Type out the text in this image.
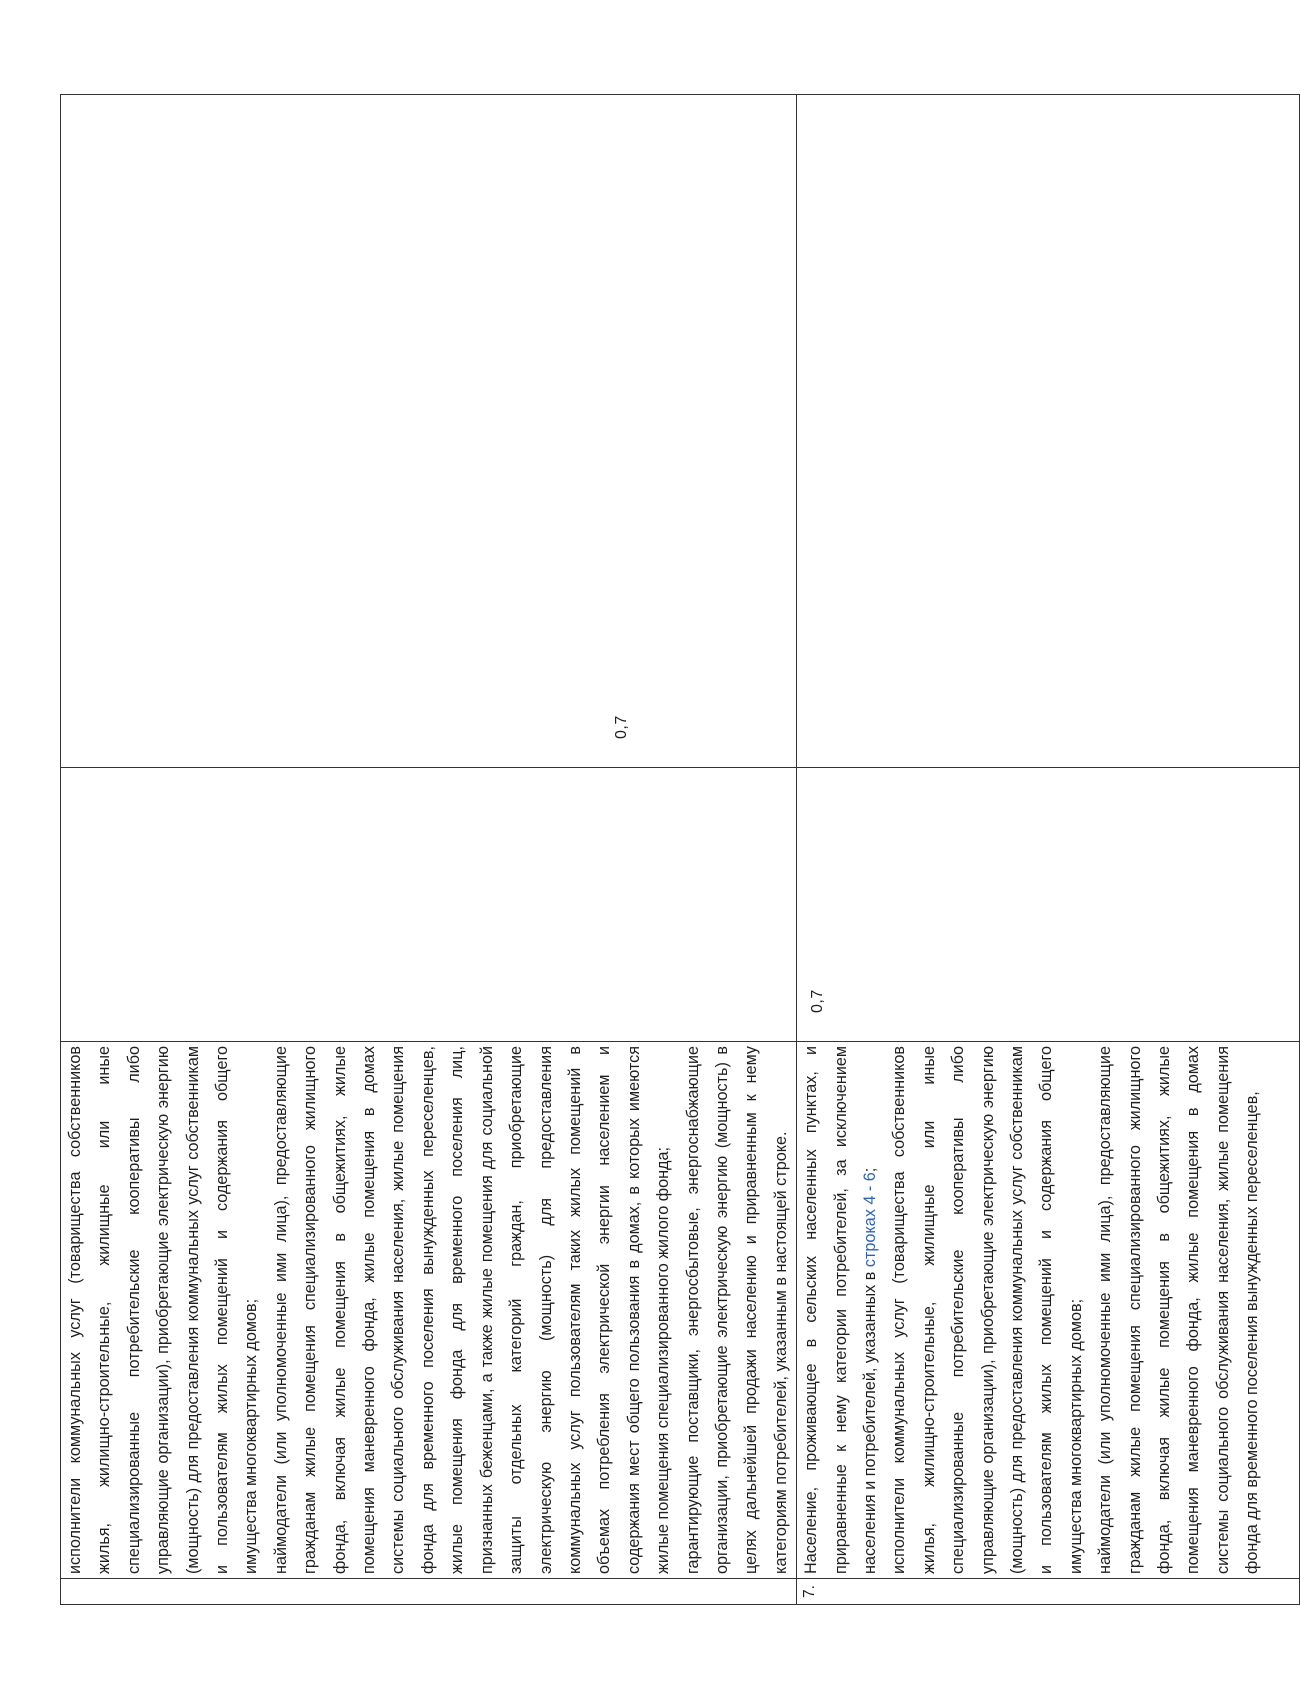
	исполнители коммунальных услуг (товарищества собственников жилья, жилищно-строительные, жилищные или иные специализированные потребительские кооперативы либо управляющие организации), приобретающие электрическую энергию (мощность) для предоставления коммунальных услуг собственникам и пользователям жилых помещений и содержания общего имущества многоквартирных домов; наймодатели (или уполномоченные ими лица), предоставляющие гражданам жилые помещения специализированного жилищного фонда, включая жилые помещения в общежитиях, жилые помещения маневренного фонда, жилые помещения в домах системы социального обслуживания населения, жилые помещения фонда для временного поселения вынужденных переселенцев, жилые помещения фонда для временного поселения лиц, признанных беженцами, а также жилые помещения для социальной защиты отдельных категорий граждан, приобретающие электрическую энергию (мощность) для предоставления коммунальных услуг пользователям таких жилых помещений в объемах потребления электрической энергии населением и содержания мест общего пользования в домах, в которых имеются жилые помещения специализированного жилого фонда; гарантирующие поставщики, энергосбытовые, энергоснабжающие организации, приобретающие электрическую энергию (мощность) в целях дальнейшей продажи населению и приравненным к нему категориям потребителей, указанным в настоящей строке.		0,7

7.	Население, проживающее в сельских населенных пунктах, и приравненные к нему категории потребителей, за исключением населения и потребителей, указанных в строках 4 - 6; исполнители коммунальных услуг (товарищества собственников жилья, жилищно-строительные, жилищные или иные специализированные потребительские кооперативы либо управляющие организации), приобретающие электрическую энергию (мощность) для предоставления коммунальных услуг собственникам и пользователям жилых помещений и содержания общего имущества многоквартирных домов; наймодатели (или уполномоченные ими лица), предоставляющие гражданам жилые помещения специализированного жилищного фонда, включая жилые помещения в общежитиях, жилые помещения маневренного фонда, жилые помещения в домах системы социального обслуживания населения, жилые помещения фонда для временного поселения вынужденных переселенцев,	0,7	
